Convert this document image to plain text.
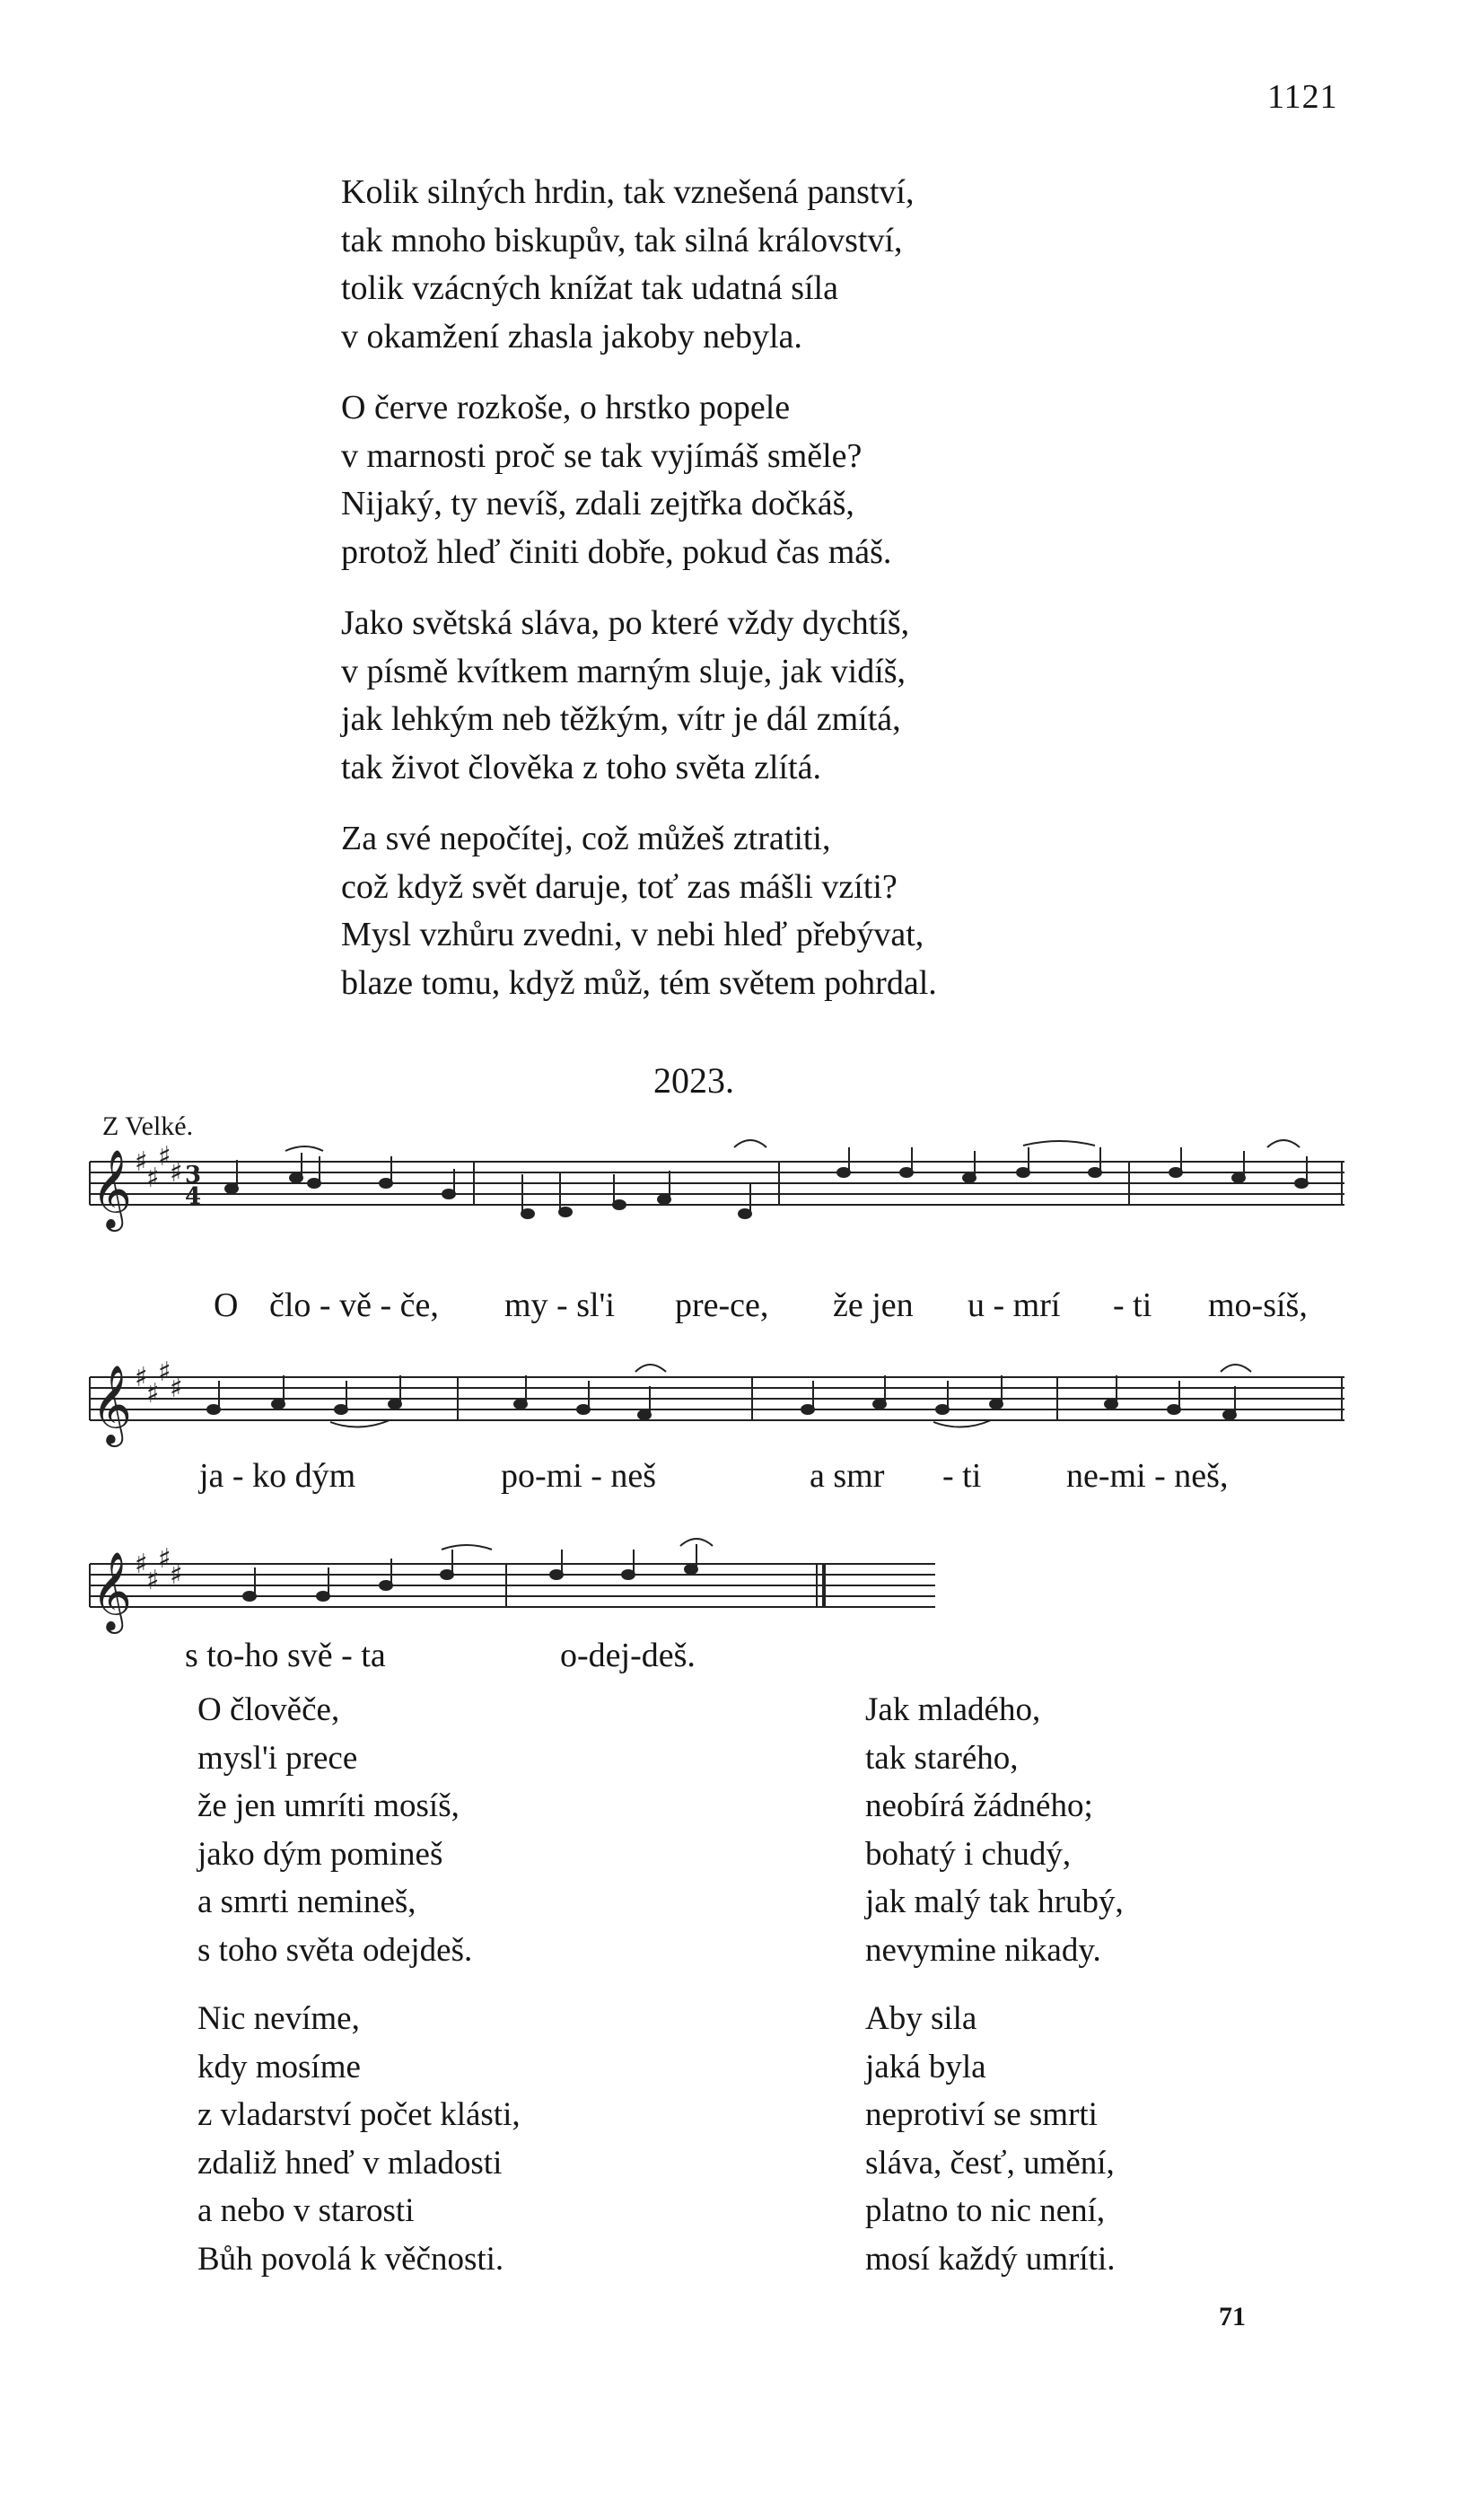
1121
Kolik silných hrdin, tak vznešená panství,
tak mnoho biskupův, tak silná království,
tolik vzácných knížat tak udatná síla
v okamžení zhasla jakoby nebyla.
O červe rozkoše, o hrstko popele
v marnosti proč se tak vyjímáš směle?
Nijaký, ty nevíš, zdali zejtřka dočkáš,
protož hleď činiti dobře, pokud čas máš.
Jako světská sláva, po které vždy dychtíš,
v písmě kvítkem marným sluje, jak vidíš,
jak lehkým neb těžkým, vítr je dál zmítá,
tak život člověka z toho světa zlítá.
Za své nepočítej, což můžeš ztratiti,
což když svět daruje, toť zas mášli vzíti?
Mysl vzhůru zvedni, v nebi hleď přebývat,
blaze tomu, když můž, tém světem pohrdal.
2023.
Z Velké.
𝄞 ♯
♯
♯
♯ 3
4
O člo - vě - če, my - sl'i pre-ce, že jen u - mrí - ti mo-síš,
𝄞 ♯
♯
♯
♯
ja - ko dým	po-mi - neš	a smr - ti ne-mi - neš,
𝄞 ♯
♯
♯
♯
s to-ho svě - ta	o-dej-deš.
O člověče,
mysl'i prece
že jen umríti mosíš,
jako dým pomineš
a smrti nemineš,
s toho světa odejdeš.
Nic nevíme,
kdy mosíme
z vladarství počet klásti,
zdaliž hneď v mladosti
a nebo v starosti
Bůh povolá k věčnosti.
Jak mladého,
tak starého,
neobírá žádného;
bohatý i chudý,
jak malý tak hrubý,
nevymine nikady.
Aby sila
jaká byla
neprotiví se smrti
sláva, česť, umění,
platno to nic není,
mosí každý umríti.
71
